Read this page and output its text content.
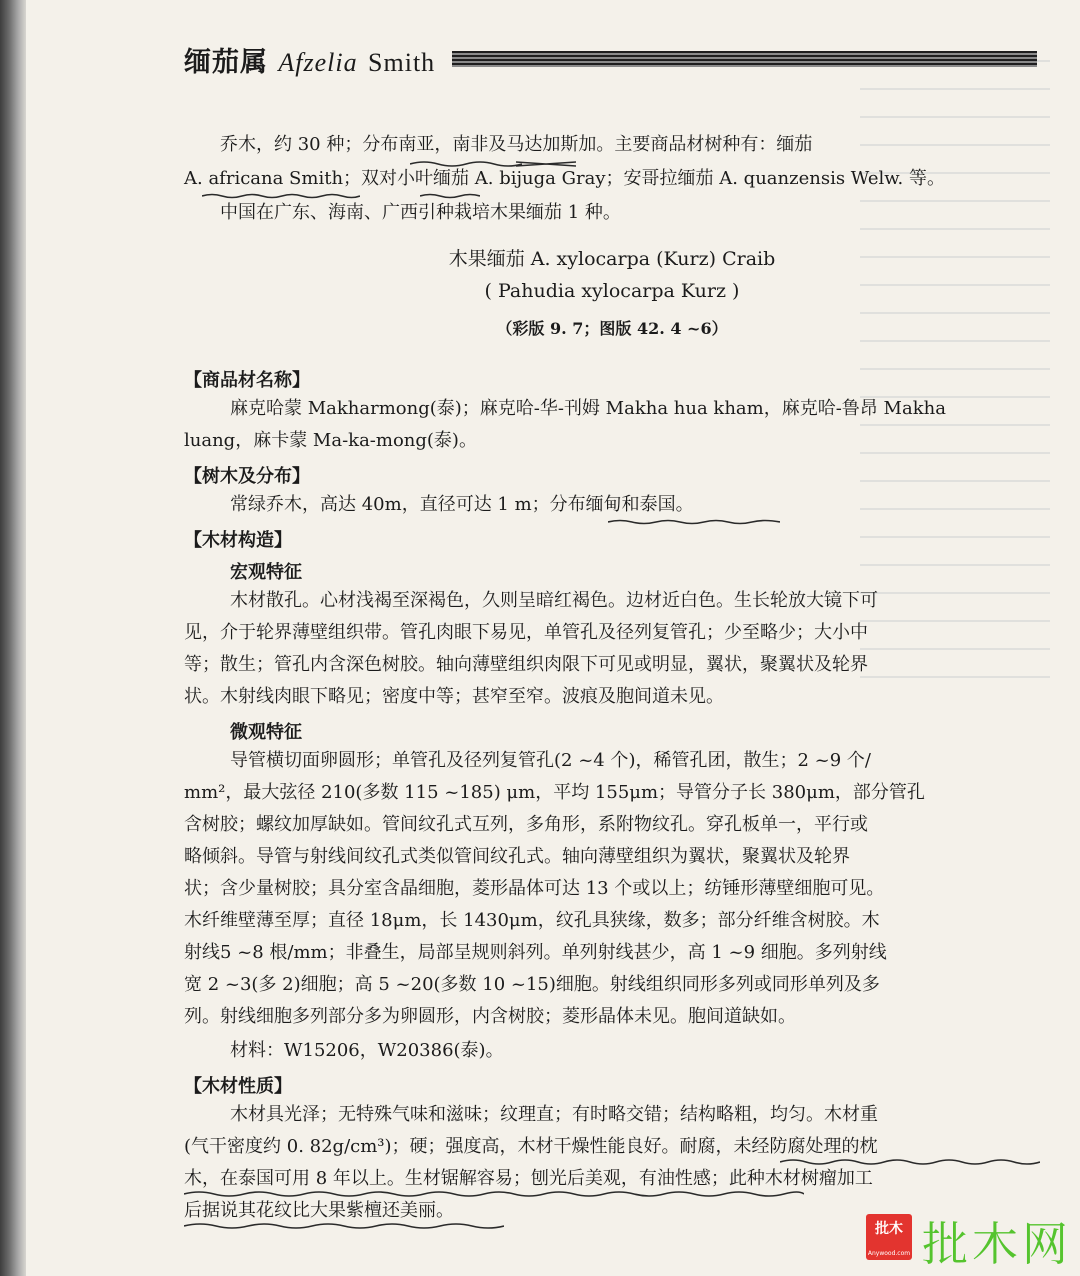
缅茄属 Afzelia Smith
乔木，约 30 种；分布南亚，南非及马达加斯加。主要商品材树种有：缅茄
A. africana Smith；双对小叶缅茄 A. bijuga Gray；安哥拉缅茄 A. quanzensis Welw. 等。
中国在广东、海南、广西引种栽培木果缅茄 1 种。
木果缅茄 A. xylocarpa (Kurz) Craib
( Pahudia xylocarpa Kurz )
（彩版 9. 7；图版 42. 4 ~6）
【商品材名称】
麻克哈蒙 Makharmong(泰)；麻克哈-华-刊姆 Makha hua kham，麻克哈-鲁昂 Makha
luang，麻卡蒙 Ma-ka-mong(泰)。
【树木及分布】
常绿乔木，高达 40m，直径可达 1 m；分布缅甸和泰国。
【木材构造】
宏观特征
木材散孔。心材浅褐至深褐色，久则呈暗红褐色。边材近白色。生长轮放大镜下可
见，介于轮界薄壁组织带。管孔肉眼下易见，单管孔及径列复管孔；少至略少；大小中
等；散生；管孔内含深色树胶。轴向薄壁组织肉限下可见或明显，翼状，聚翼状及轮界
状。木射线肉眼下略见；密度中等；甚窄至窄。波痕及胞间道未见。
微观特征
导管横切面卵圆形；单管孔及径列复管孔(2 ~4 个)，稀管孔团，散生；2 ~9 个/
mm²，最大弦径 210(多数 115 ~185) μm，平均 155μm；导管分子长 380μm，部分管孔
含树胶；螺纹加厚缺如。管间纹孔式互列，多角形，系附物纹孔。穿孔板单一，平行或
略倾斜。导管与射线间纹孔式类似管间纹孔式。轴向薄壁组织为翼状，聚翼状及轮界
状；含少量树胶；具分室含晶细胞，菱形晶体可达 13 个或以上；纺锤形薄壁细胞可见。
木纤维壁薄至厚；直径 18μm，长 1430μm，纹孔具狭缘，数多；部分纤维含树胶。木
射线5 ~8 根/mm；非叠生，局部呈规则斜列。单列射线甚少，高 1 ~9 细胞。多列射线
宽 2 ~3(多 2)细胞；高 5 ~20(多数 10 ~15)细胞。射线组织同形多列或同形单列及多
列。射线细胞多列部分多为卵圆形，内含树胶；菱形晶体未见。胞间道缺如。
材料：W15206，W20386(泰)。
【木材性质】
木材具光泽；无特殊气味和滋味；纹理直；有时略交错；结构略粗，均匀。木材重
(气干密度约 0. 82g/cm³)；硬；强度高，木材干燥性能良好。耐腐，未经防腐处理的枕
木，在泰国可用 8 年以上。生材锯解容易；刨光后美观，有油性感；此种木材树瘤加工
后据说其花纹比大果紫檀还美丽。
批木
Anywood.com 批木网
